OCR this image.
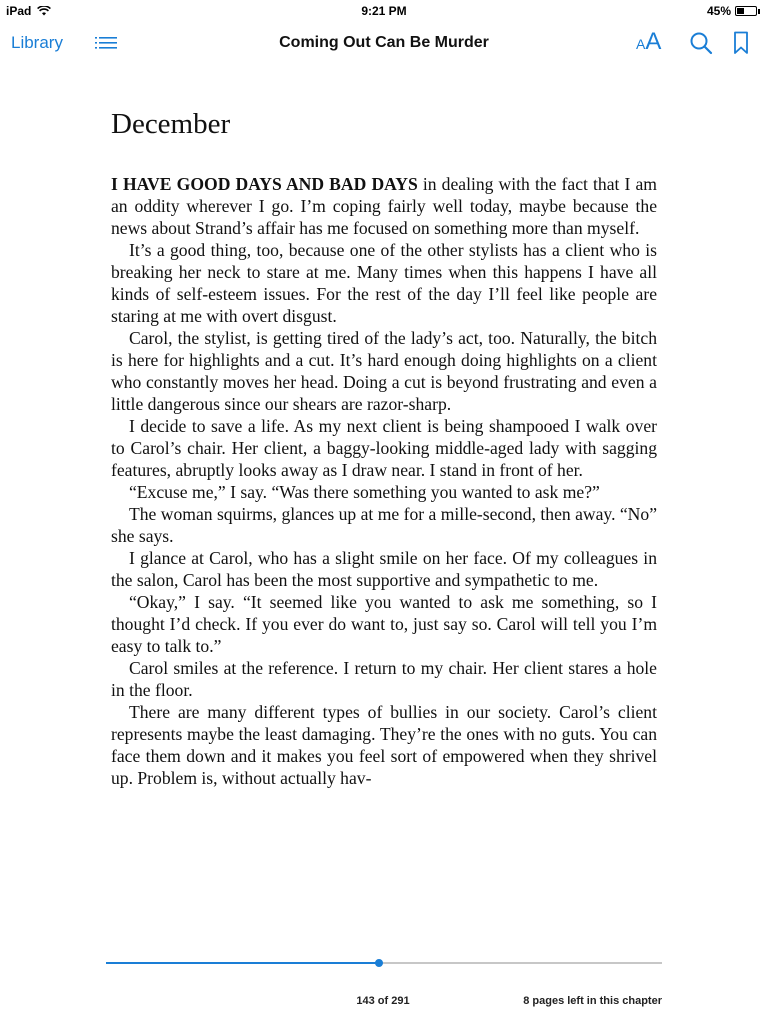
iPad	9:21 PM	45%
Library	Coming Out Can Be Murder	AA
December

I HAVE GOOD DAYS AND BAD DAYS in dealing with the fact that I am an oddity wherever I go. I’m coping fairly well today, maybe because the news about Strand’s affair has me focused on something more than myself.

It’s a good thing, too, because one of the other stylists has a client who is breaking her neck to stare at me. Many times when this happens I have all kinds of self-esteem issues. For the rest of the day I’ll feel like people are staring at me with overt disgust.

Carol, the stylist, is getting tired of the lady’s act, too. Naturally, the bitch is here for highlights and a cut. It’s hard enough doing highlights on a client who constantly moves her head. Doing a cut is beyond frustrating and even a little dangerous since our shears are razor-sharp.

I decide to save a life. As my next client is being shampooed I walk over to Carol’s chair. Her client, a baggy-looking middle-aged lady with sagging features, abruptly looks away as I draw near. I stand in front of her.

“Excuse me,” I say. “Was there something you wanted to ask me?”

The woman squirms, glances up at me for a mille-second, then away. “No” she says.

I glance at Carol, who has a slight smile on her face. Of my colleagues in the salon, Carol has been the most supportive and sympathetic to me.

“Okay,” I say. “It seemed like you wanted to ask me something, so I thought I’d check. If you ever do want to, just say so. Carol will tell you I’m easy to talk to.”

Carol smiles at the reference. I return to my chair. Her client stares a hole in the floor.

There are many different types of bullies in our society. Carol’s client represents maybe the least damaging. They’re the ones with no guts. You can face them down and it makes you feel sort of empowered when they shrivel up. Problem is, without actually hav-

143 of 291	8 pages left in this chapter
